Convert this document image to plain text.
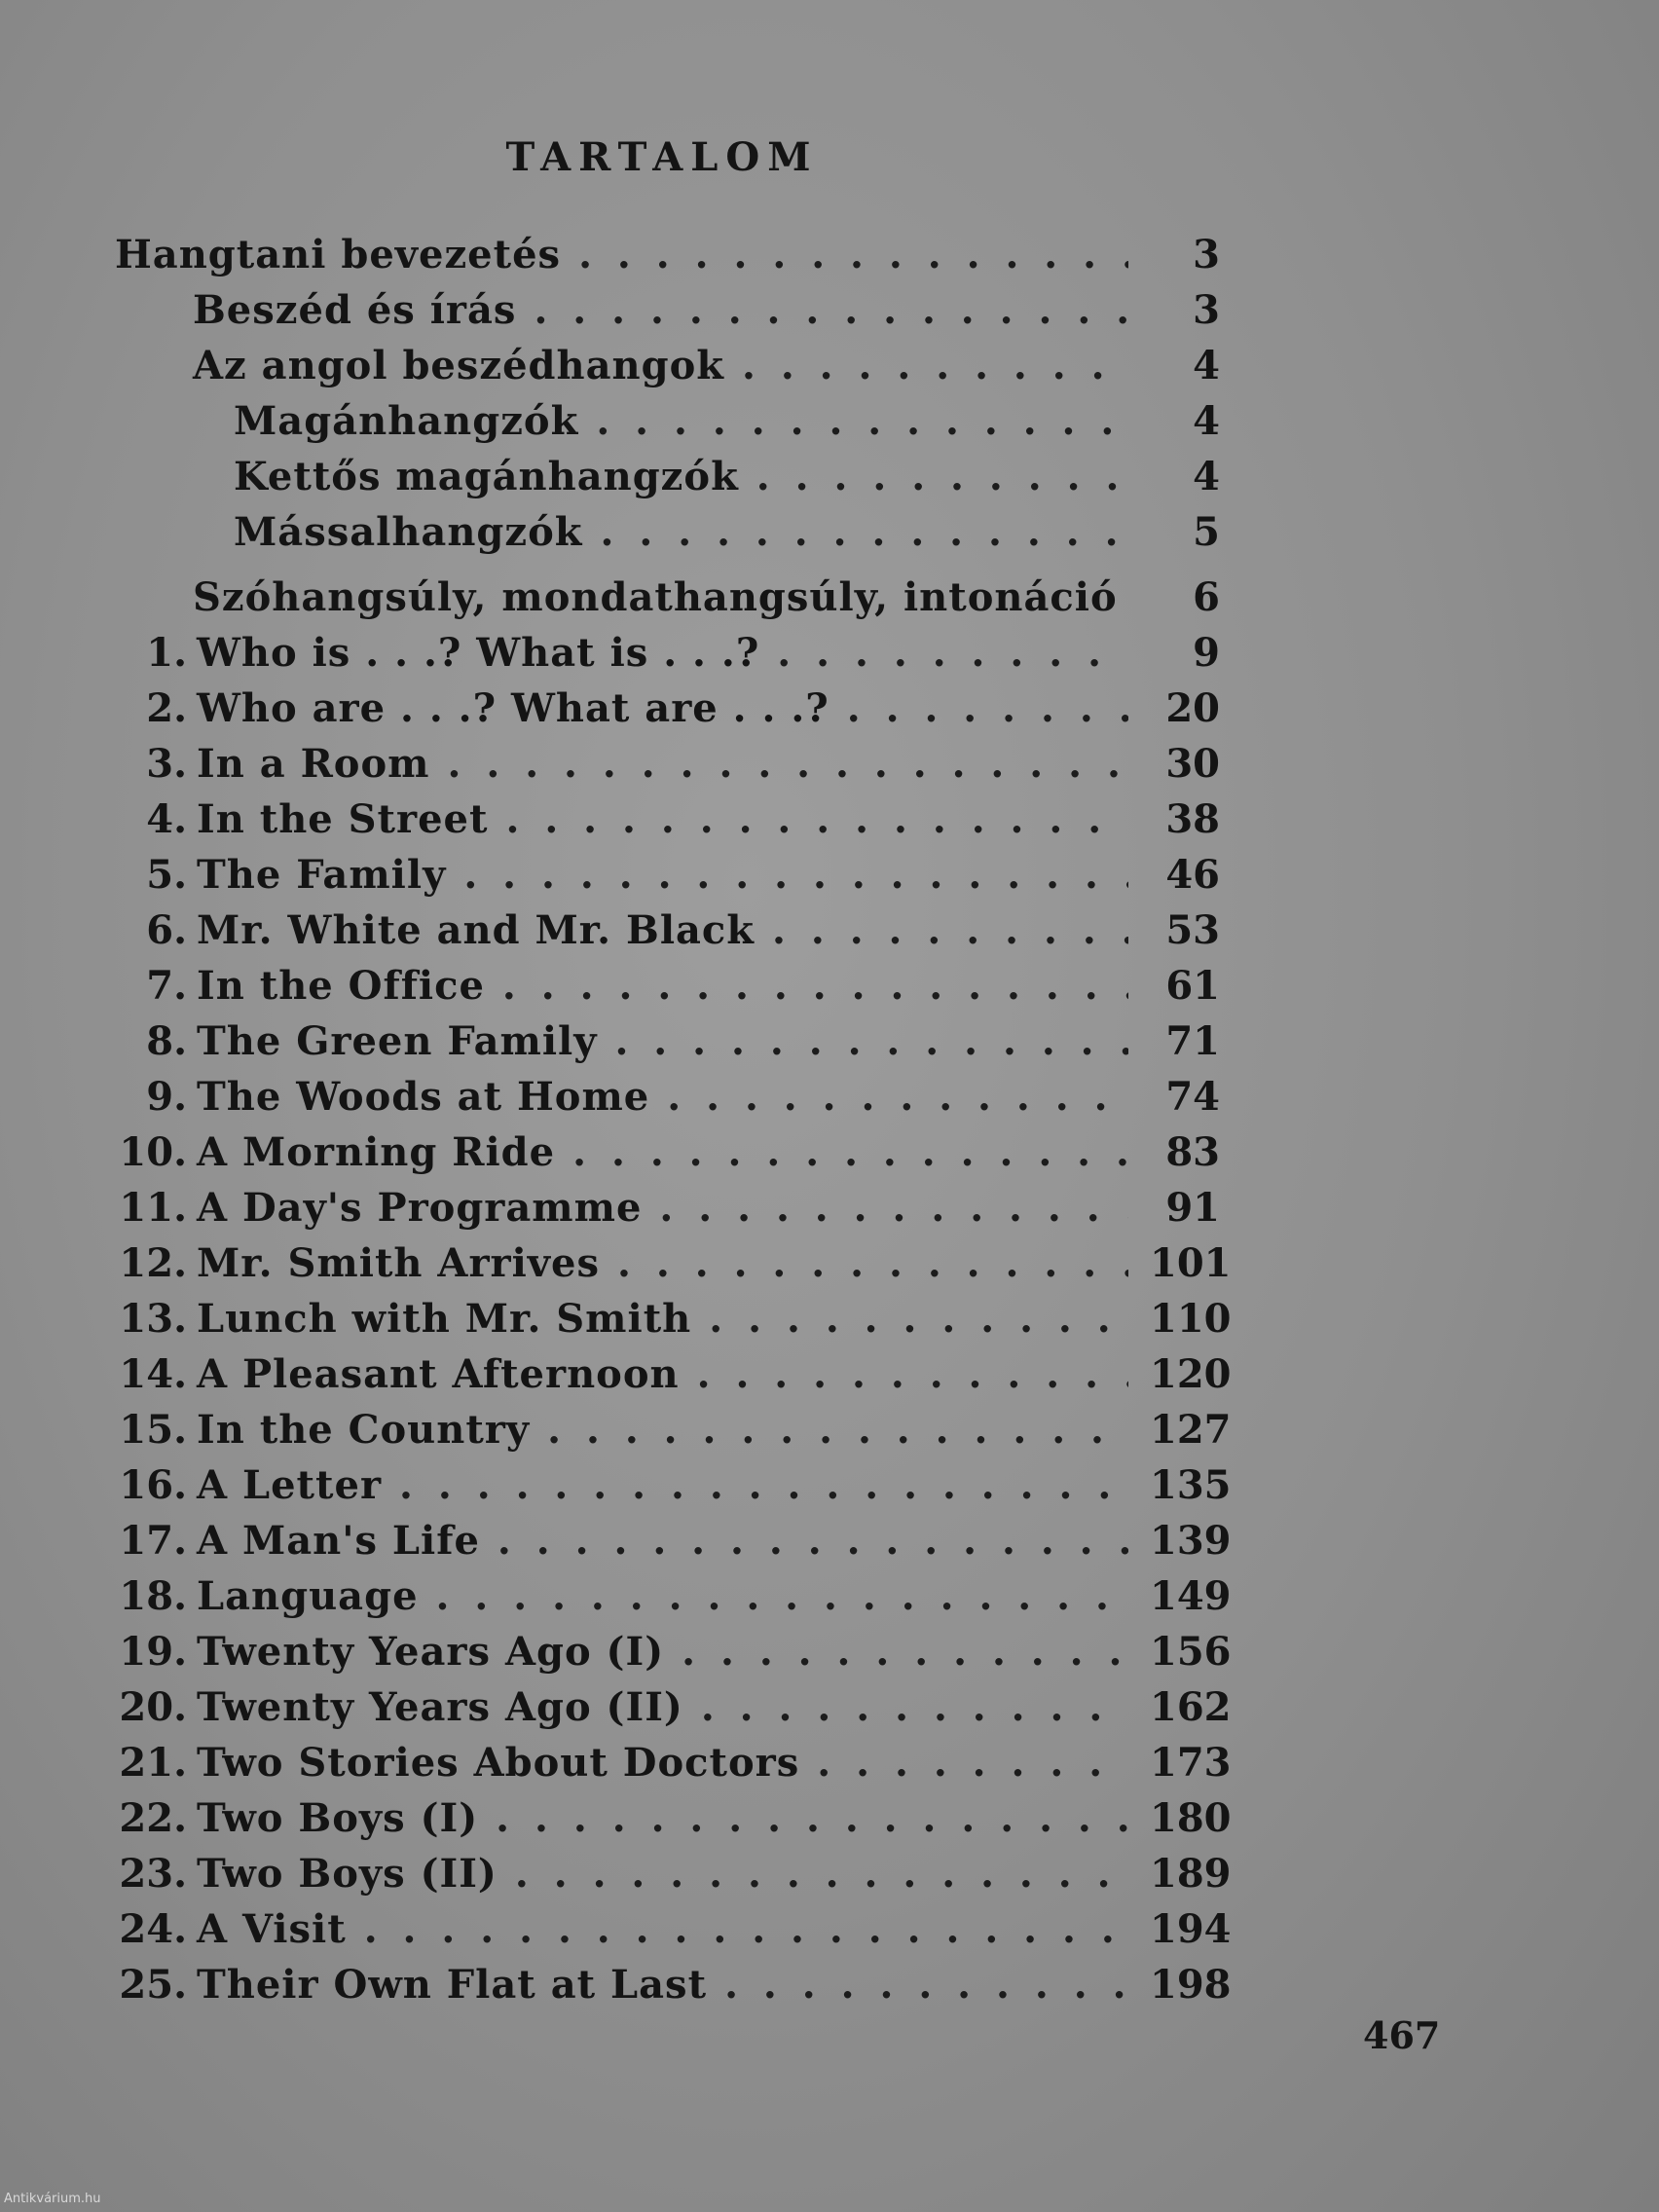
TARTALOM
Hangtani bevezetés . . .	3
Beszéd és írás . . .	3
Az angol beszédhangok . . .	4
Magánhangzók . . .	4
Kettős magánhangzók . . .	4
Mássalhangzók . . .	5
Szóhangsúly, mondathangsúly, intonáció	6
1. Who is . . .? What is . . .? . . .	9
2. Who are . . .? What are . . .? . . .	20
3. In a Room . . .	30
4. In the Street . . .	38
5. The Family . . .	46
6. Mr. White and Mr. Black . . .	53
7. In the Office . . .	61
8. The Green Family . . .	71
9. The Woods at Home . . .	74
10. A Morning Ride . . .	83
11. A Day's Programme . . .	91
12. Mr. Smith Arrives . . .	101
13. Lunch with Mr. Smith . . .	110
14. A Pleasant Afternoon . . .	120
15. In the Country . . .	127
16. A Letter . . .	135
17. A Man's Life . . .	139
18. Language . . .	149
19. Twenty Years Ago (I) . . .	156
20. Twenty Years Ago (II) . . .	162
21. Two Stories About Doctors . . .	173
22. Two Boys (I) . . .	180
23. Two Boys (II) . . .	189
24. A Visit . . .	194
25. Their Own Flat at Last . . .	198
467
Antikvárium.hu
